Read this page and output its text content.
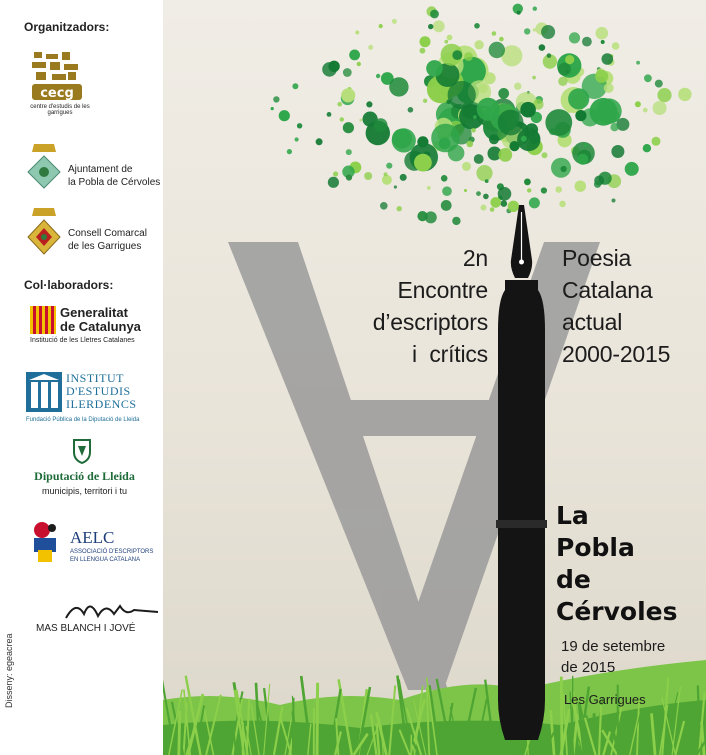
Organitzadors:
cecg
centre d'estudis de les garrigues
Ajuntament de
la Pobla de Cérvoles
Consell Comarcal
de les Garrigues
Col·laboradors:
Generalitat
de Catalunya
Institució de les Lletres Catalanes
INSTITUT
D'ESTUDIS
ILERDENCS
Fundació Pública de la Diputació de Lleida
Diputació de Lleida
municipis, territori i tu
AELC
ASSOCIACIÓ D'ESCRIPTORS
EN LLENGUA CATALANA
MAS BLANCH I JOVÉ
Disseny: egeacrea
2n
Encontre
d’escriptors
i  crítics
Poesia
Catalana
actual
2000-2015
La
Pobla
de
Cérvoles
19 de setembre
de 2015
Les Garrigues
